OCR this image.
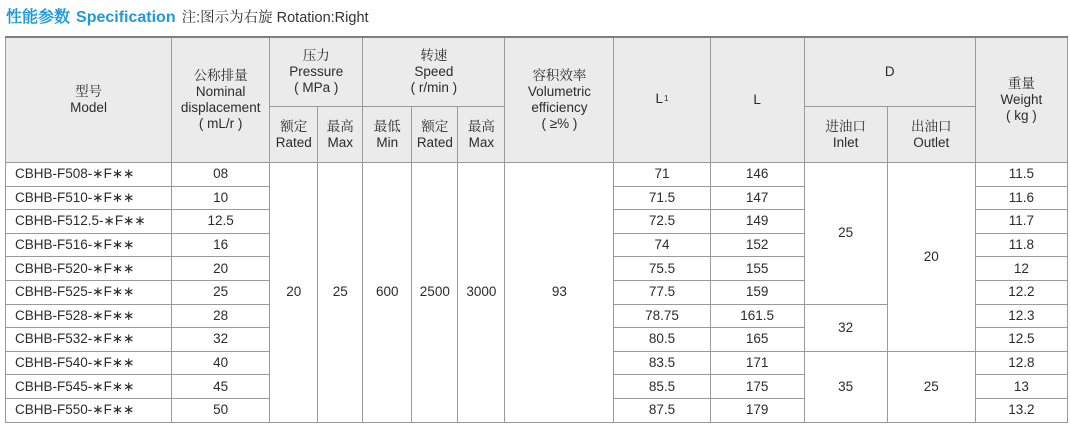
性能参数 Specification 注:图示为右旋 Rotation:Right
型号
Model	公称排量
Nominal
displacement
( mL/r )	压力
Pressure
( MPa )		转速
Speed
( r/min )			容积效率
Volumetric
efficiency
( ≥% )	$L_1$	L	D		重量
Weight
( kg )

		额定
Rated	最高
Max	最低
Min	额定
Rated	最高
Max				进油口
Inlet	出油口
Outlet	

CBHB-F508-∗F∗∗	08	20	25	600	2500	3000	93	71	146	25	20	11.5
CBHB-F510-∗F∗∗	10							71.5	147			11.6
CBHB-F512.5-∗F∗∗	12.5							72.5	149			11.7
CBHB-F516-∗F∗∗	16							74	152			11.8
CBHB-F520-∗F∗∗	20							75.5	155			12
CBHB-F525-∗F∗∗	25							77.5	159			12.2
CBHB-F528-∗F∗∗	28							78.75	161.5	32		12.3
CBHB-F532-∗F∗∗	32							80.5	165			12.5
CBHB-F540-∗F∗∗	40							83.5	171	35	25	12.8
CBHB-F545-∗F∗∗	45							85.5	175			13
CBHB-F550-∗F∗∗	50							87.5	179			13.2
